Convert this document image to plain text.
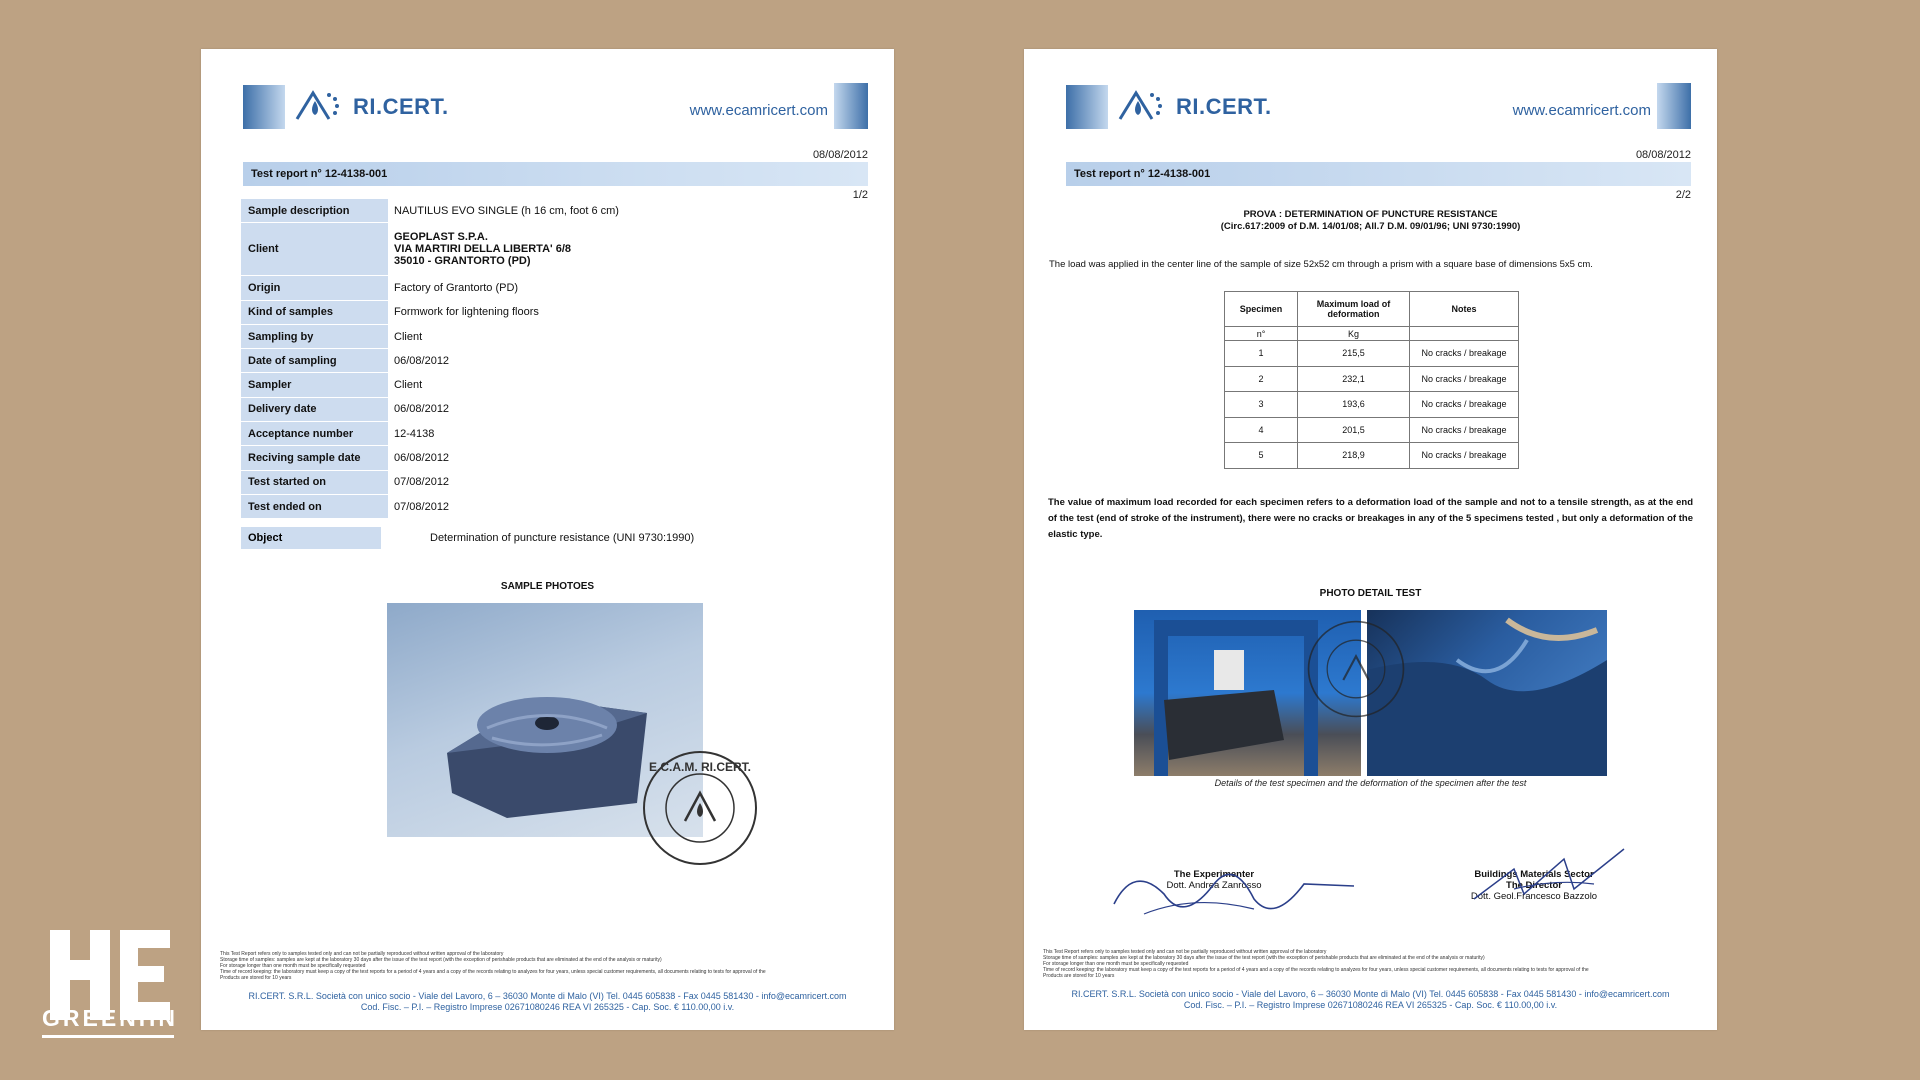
RI.CERT.	www.ecamricert.com
08/08/2012
Test report n° 12-4138-001
1/2
Sample description	NAUTILUS EVO SINGLE (h 16 cm, foot 6 cm)
Client	GEOPLAST S.P.A.
VIA MARTIRI DELLA LIBERTA' 6/8
35010 - GRANTORTO (PD)

Origin	Factory of Grantorto (PD)
Kind of samples	Formwork for lightening floors
Sampling by	Client
Date of sampling	06/08/2012
Sampler	Client
Delivery date	06/08/2012
Acceptance number	12-4138
Reciving sample date	06/08/2012
Test started on	07/08/2012
Test ended on	07/08/2012
Object	Determination of puncture resistance (UNI 9730:1990)
SAMPLE PHOTOES
E.C.A.M. RI.CERT.
This Test Report refers only to samples tested only and can not be partially reproduced without written approval of the laboratory
Storage time of samples: samples are kept at the laboratory 30 days after the issue of the test report (with the exception of perishable products that are eliminated at the end of the analysis or maturity)
For storage longer than one month must be specifically requested
Time of record keeping: the laboratory must keep a copy of the test reports for a period of 4 years and a copy of the records relating to analyzes for four years, unless special customer requirements, all documents relating to tests for approval of the
Products are stored for 10 years
RI.CERT. S.R.L. Società con unico socio - Viale del Lavoro, 6 – 36030 Monte di Malo (VI) Tel. 0445 605838 - Fax 0445 581430 - info@ecamricert.com
Cod. Fisc. – P.I. – Registro Imprese 02671080246 REA VI 265325 - Cap. Soc. € 110.00,00 i.v.
RI.CERT.	www.ecamricert.com
08/08/2012
Test report n° 12-4138-001
2/2
PROVA : DETERMINATION OF PUNCTURE RESISTANCE
(Circ.617:2009 of D.M. 14/01/08; All.7 D.M. 09/01/96; UNI 9730:1990)
The load was applied in the center line of the sample of size 52x52 cm through a prism with a square base of dimensions 5x5 cm.
Specimen	Maximum load of deformation	Notes
n°	Kg	
1	215,5	No cracks / breakage
2	232,1	No cracks / breakage
3	193,6	No cracks / breakage
4	201,5	No cracks / breakage
5	218,9	No cracks / breakage
The value of maximum load recorded for each specimen refers to a deformation load of the sample and not to a tensile strength, as at the end of the test (end of stroke of the instrument), there were no cracks or breakages in any of the 5 specimens tested , but only a deformation of the elastic type.
PHOTO DETAIL TEST
Details of the test specimen and the deformation of the specimen after the test
The Experimenter
Dott. Andrea Zanrosso
Buildings Materials Sector
The Director
Dott. Geol.Francesco Bazzolo
This Test Report refers only to samples tested only and can not be partially reproduced without written approval of the laboratory
Storage time of samples: samples are kept at the laboratory 30 days after the issue of the test report (with the exception of perishable products that are eliminated at the end of the analysis or maturity)
For storage longer than one month must be specifically requested
Time of record keeping: the laboratory must keep a copy of the test reports for a period of 4 years and a copy of the records relating to analyzes for four years, unless special customer requirements, all documents relating to tests for approval of the
Products are stored for 10 years
RI.CERT. S.R.L. Società con unico socio - Viale del Lavoro, 6 – 36030 Monte di Malo (VI) Tel. 0445 605838 - Fax 0445 581430 - info@ecamricert.com
Cod. Fisc. – P.I. – Registro Imprese 02671080246 REA VI 265325 - Cap. Soc. € 110.00,00 i.v.
GREENHN
